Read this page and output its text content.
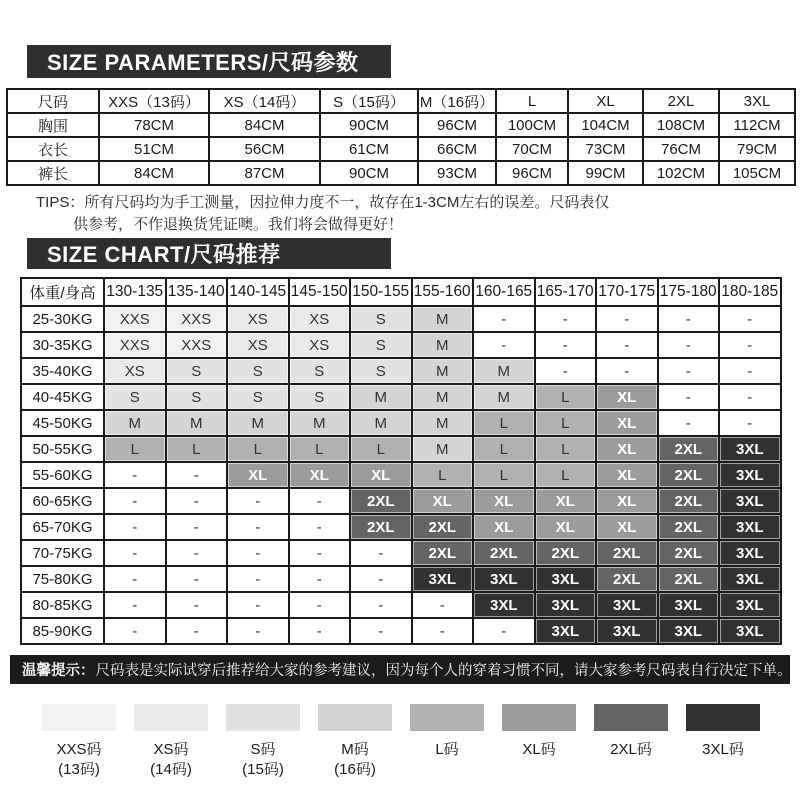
SIZE PARAMETERS/尺码参数
尺码	XXS（13码）	XS（14码）	S（15码）	M（16码）	L	XL	2XL	3XL
胸围	78CM	84CM	90CM	96CM	100CM	104CM	108CM	112CM
衣长	51CM	56CM	61CM	66CM	70CM	73CM	76CM	79CM
裤长	84CM	87CM	90CM	93CM	96CM	99CM	102CM	105CM
TIPS：所有尺码均为手工测量，因拉伸力度不一，故存在1-3CM左右的误差。尺码表仅
供参考，不作退换货凭证噢。我们将会做得更好！
SIZE CHART/尺码推荐
体重/身高	130-135	135-140	140-145	145-150	150-155	155-160	160-165	165-170	170-175	175-180	180-185
25-30KG	XXS	XXS	XS	XS	S	M	-	-	-	-	-
30-35KG	XXS	XXS	XS	XS	S	M	-	-	-	-	-
35-40KG	XS	S	S	S	S	M	M	-	-	-	-
40-45KG	S	S	S	S	M	M	M	L	XL	-	-
45-50KG	M	M	M	M	M	M	L	L	XL	-	-
50-55KG	L	L	L	L	L	M	L	L	XL	2XL	3XL
55-60KG	-	-	XL	XL	XL	L	L	L	XL	2XL	3XL
60-65KG	-	-	-	-	2XL	XL	XL	XL	XL	2XL	3XL
65-70KG	-	-	-	-	2XL	2XL	XL	XL	XL	2XL	3XL
70-75KG	-	-	-	-	-	2XL	2XL	2XL	2XL	2XL	3XL
75-80KG	-	-	-	-	-	3XL	3XL	3XL	2XL	2XL	3XL
80-85KG	-	-	-	-	-	-	3XL	3XL	3XL	3XL	3XL
85-90KG	-	-	-	-	-	-	-	3XL	3XL	3XL	3XL
温馨提示： 尺码表是实际试穿后推荐给大家的参考建议，因为每个人的穿着习惯不同，请大家参考尺码表自行决定下单。
XXS码
(13码)
XS码
(14码)
S码
(15码)
M码
(16码)
L码	XL码	2XL码	3XL码
